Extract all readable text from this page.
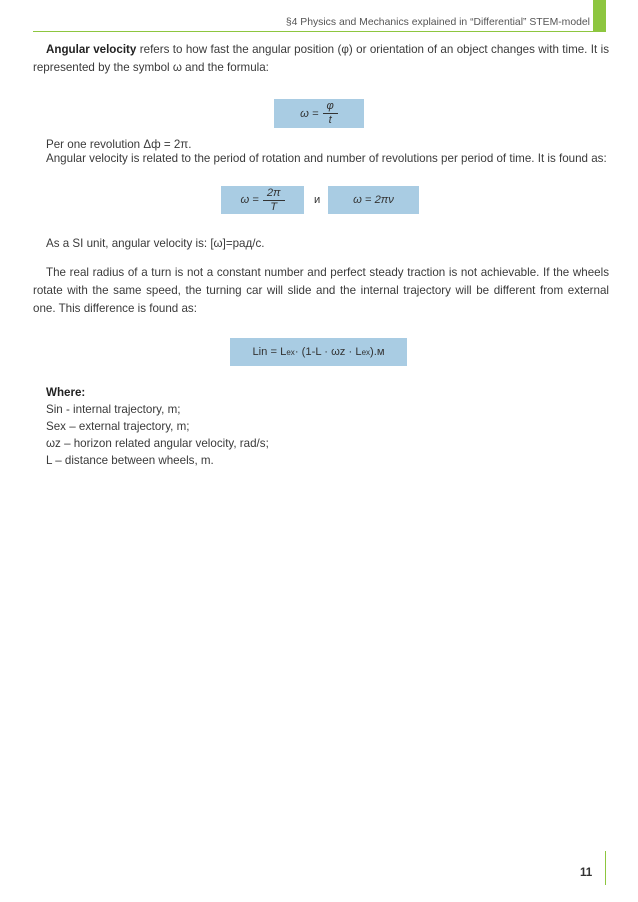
§4 Physics and Mechanics explained in “Differential” STEM-model
Angular velocity refers to how fast the angular position (φ) or orientation of an object changes with time. It is represented by the symbol ω and the formula:
$\omega = \frac{\varphi}{t}$
Per one revolution Δф = 2π.
Angular velocity is related to the period of rotation and number of revolutions per period of time. It is found as:
$\omega = \frac{2\pi}{T}$	и	ω = 2πν
As a SI unit, angular velocity is: [ω]=рад/с.
The real radius of a turn is not a constant number and perfect steady traction is not achievable. If the wheels rotate with the same speed, the turning car will slide and the internal trajectory will be different from external one. This difference is found as:
Lin = L ex · (1-L · ωz · L ex ).м
Where:
Sin - internal trajectory, m;
Sex – external trajectory, m;
ωz – horizon related angular velocity, rad/s;
L – distance between wheels, m.
11
